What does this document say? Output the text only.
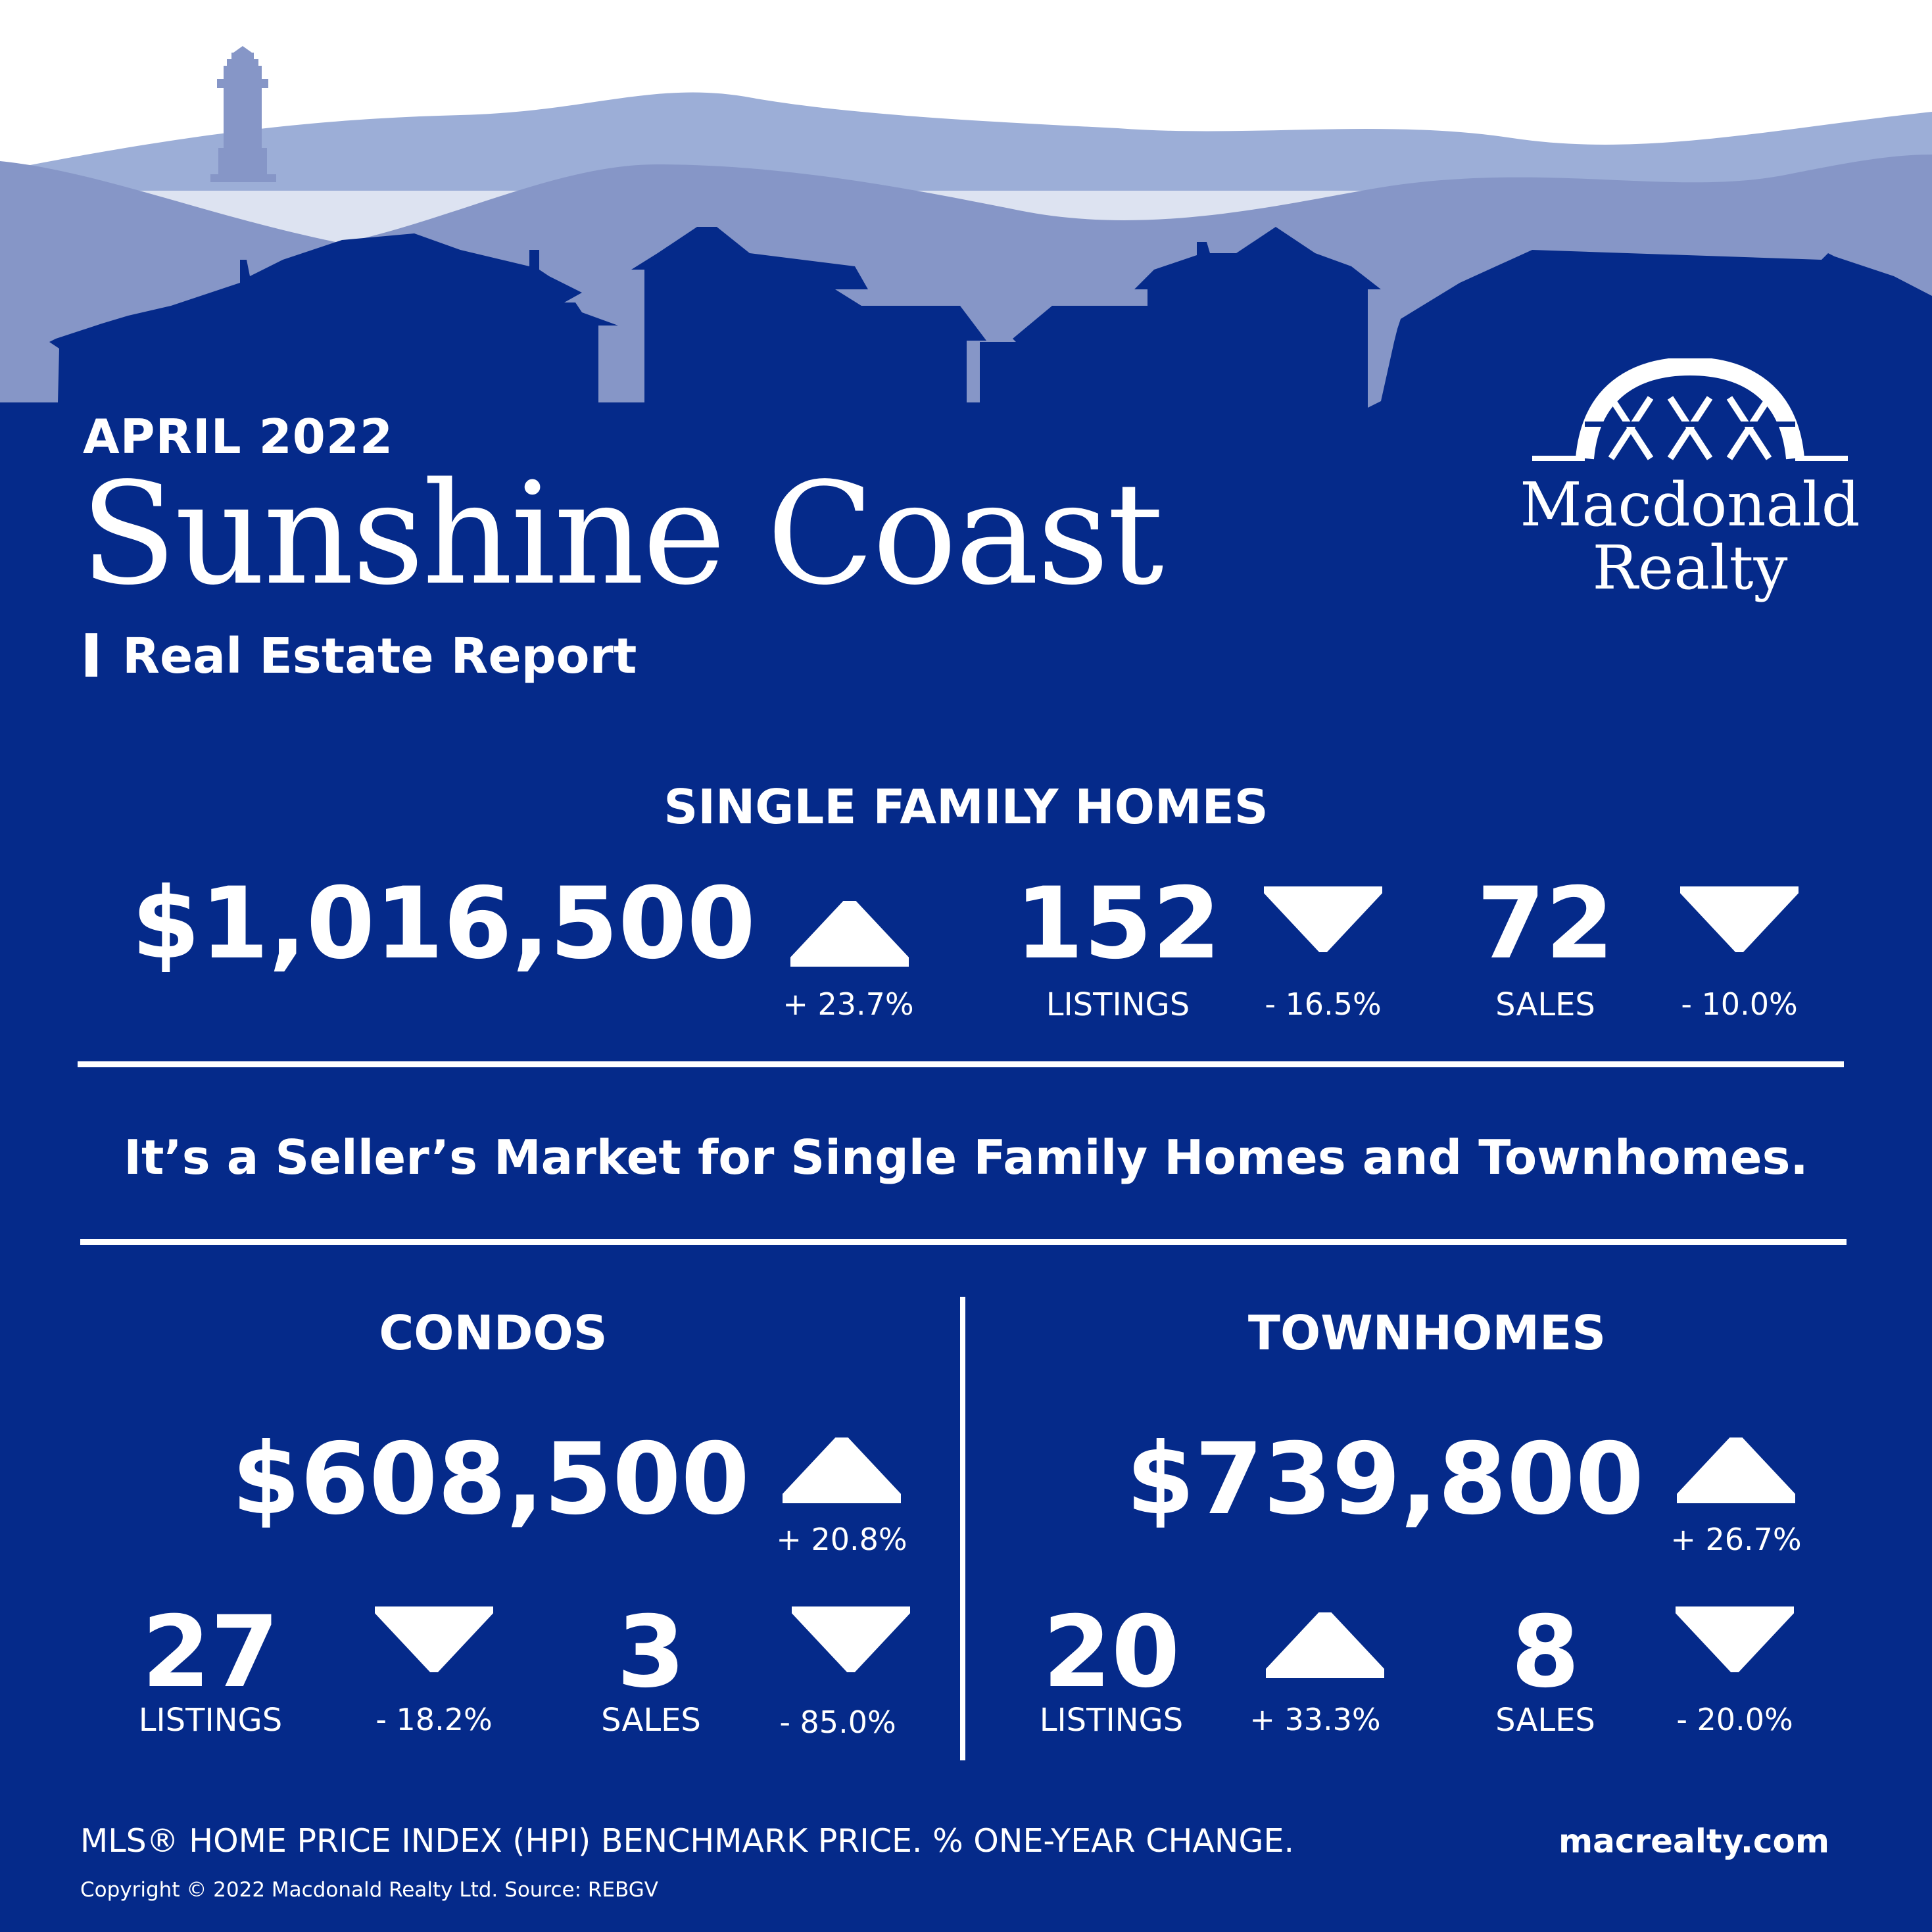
APRIL 2022
Sunshine Coast
Real Estate Report
Macdonald
Realty
SINGLE FAMILY HOMES
$1,016,500
+ 23.7%
152
LISTINGS	- 16.5%
72
SALES	- 10.0%
It’s a Seller’s Market for Single Family Homes and Townhomes.
CONDOS
$608,500
+ 20.8%
27
LISTINGS	- 18.2%
3
SALES	- 85.0%
TOWNHOMES
$739,800
+ 26.7%
20
LISTINGS	+ 33.3%
8
SALES	- 20.0%
MLS® HOME PRICE INDEX (HPI) BENCHMARK PRICE. % ONE-YEAR CHANGE.	macrealty.com
Copyright © 2022 Macdonald Realty Ltd. Source: REBGV
